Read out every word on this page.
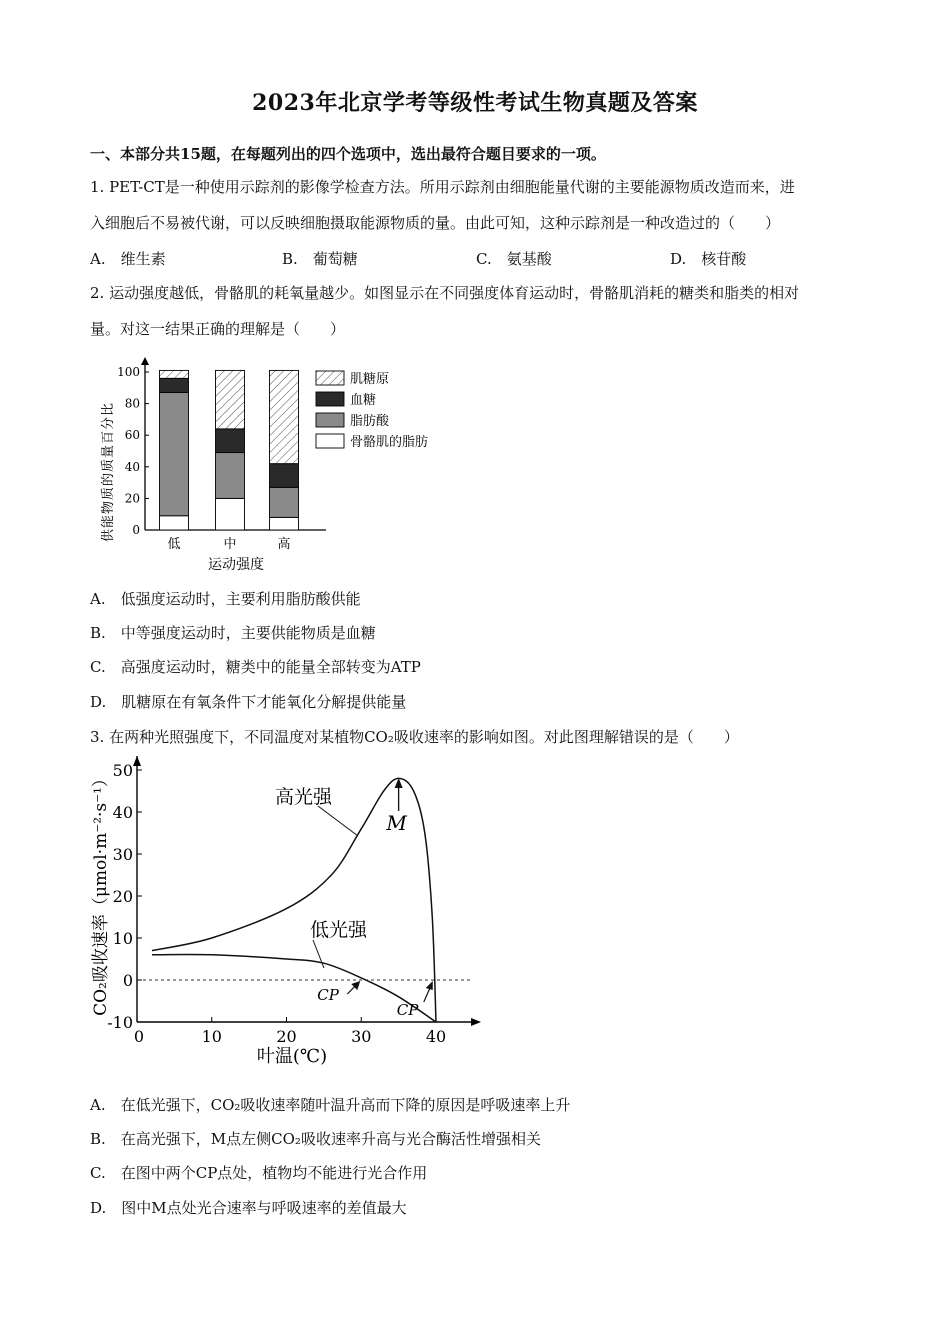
2023年北京学考等级性考试生物真题及答案
一、本部分共15题，在每题列出的四个选项中，选出最符合题目要求的一项。
1. PET-CT是一种使用示踪剂的影像学检查方法。所用示踪剂由细胞能量代谢的主要能源物质改造而来，进
入细胞后不易被代谢，可以反映细胞摄取能源物质的量。由此可知，这种示踪剂是一种改造过的（　　）
A.　维生素	B.　葡萄糖	C.　氨基酸	D.　核苷酸
2. 运动强度越低，骨骼肌的耗氧量越少。如图显示在不同强度体育运动时，骨骼肌消耗的糖类和脂类的相对
量。对这一结果正确的理解是（　　）
0
20
40
60
80
100
低	中	高
肌糖原
血糖
脂肪酸
骨骼肌的脂肪
供能物质的质量百分比
运动强度
A.　低强度运动时，主要利用脂肪酸供能
B.　中等强度运动时，主要供能物质是血糖
C.　高强度运动时，糖类中的能量全部转变为ATP
D.　肌糖原在有氧条件下才能氧化分解提供能量
3. 在两种光照强度下，不同温度对某植物CO₂吸收速率的影响如图。对此图理解错误的是（　　）
-10
0
10
20
30
40
50
0	10	20	30	40
高光强
低光强
M
CP
CP
CO₂吸收速率（μmol·m⁻²·s⁻¹）
叶温(℃)
A.　在低光强下，CO₂吸收速率随叶温升高而下降的原因是呼吸速率上升
B.　在高光强下，M点左侧CO₂吸收速率升高与光合酶活性增强相关
C.　在图中两个CP点处，植物均不能进行光合作用
D.　图中M点处光合速率与呼吸速率的差值最大
